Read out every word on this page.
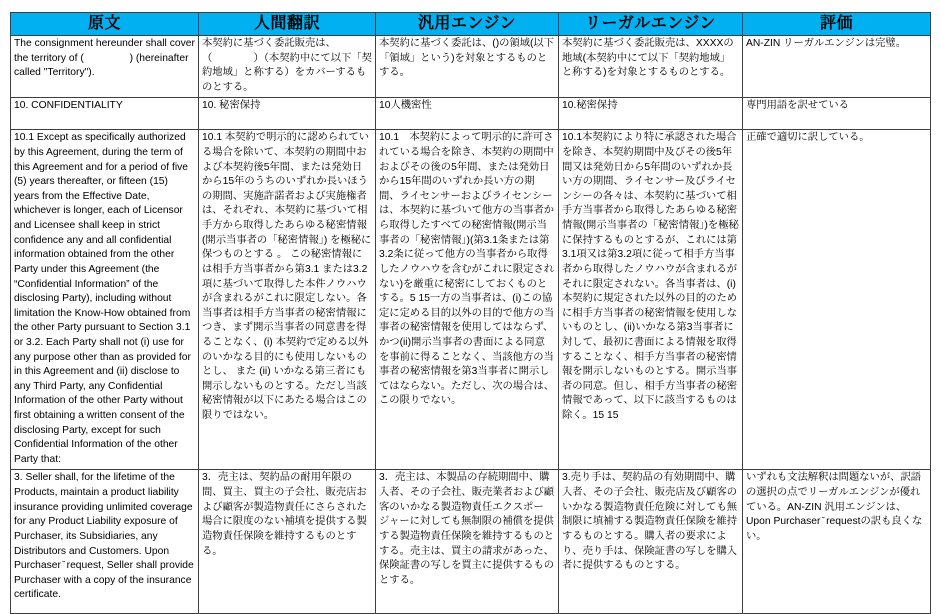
原文	人間翻訳	汎用エンジン	リーガルエンジン	評価
The consignment hereunder shall cover the territory of (                ) (hereinafter called "Territory").	本契約に基づく委託販売は、（　　　　）（本契約中にて以下「契約地域」と称する）をカバーするものとする。	本契約に基づく委託は、()の領域(以下「領域」という)を対象とするものとする。	本契約に基づく委託販売は、XXXXの地域(本契約中にて以下「契約地域」と称する)を対象とするものとする。	AN-ZIN リーガルエンジンは完璧。
10. CONFIDENTIALITY	10. 秘密保持	10人機密性	10.秘密保持	専門用語を訳せている
10.1 Except as specifically authorized by this Agreement, during the term of this Agreement and for a period of five (5) years thereafter, or fifteen (15) years from the Effective Date, whichever is longer, each of Licensor and Licensee shall keep in strict confidence any and all confidential information obtained from the other Party under this Agreement (the “Confidential Information” of the disclosing Party), including without limitation the Know-How obtained from the other Party pursuant to Section 3.1 or 3.2. Each Party shall not (i) use for any purpose other than as provided for in this Agreement and (ii) disclose to any Third Party, any Confidential Information of the other Party without first obtaining a written consent of the disclosing Party, except for such Confidential Information of the other Party that:	10.1 本契約で明示的に認められている場合を除いて、本契約の期間中および本契約後5年間、または発効日から15年のうちのいずれか長いほうの期間、実施許諾者および実施権者は、それぞれ、本契約に基づいて相手方から取得したあらゆる秘密情報 (開示当事者の「秘密情報」) を極秘に保つものとする 。 この秘密情報には相手方当事者から第3.1 または3.2項に基づいて取得した本件ノウハウが含まれるがこれに限定しない。各当事者は相手方当事者の秘密情報につき、まず開示当事者の同意書を得ることなく、(i) 本契約で定める以外のいかなる目的にも使用しないものとし、 また (ii) いかなる第三者にも開示しないものとする。ただし当該秘密情報が以下にあたる場合はこの限りではない。	10.1　本契約によって明示的に許可されている場合を除き、本契約の期間中およびその後の5年間、または発効日から15年間のいずれか長い方の期間、ライセンサーおよびライセンシーは、本契約に基づいて他方の当事者から取得したすべての秘密情報(開示当事者の「秘密情報」)(第3.1条または第3.2条に従って他方の当事者から取得したノウハウを含むがこれに限定されない)を厳重に秘密にしておくものとする。5 15一方の当事者は、(i)この協定に定める目的以外の目的で他方の当事者の秘密情報を使用してはならず、かつ(ii)開示当事者の書面による同意を事前に得ることなく、当該他方の当事者の秘密情報を第3当事者に開示してはならない。ただし、次の場合は、この限りでない。	10.1本契約により特に承認された場合を除き、本契約期間中及びその後5年間又は発効日から5年間のいずれか長い方の期間、ライセンサー及びライセンシーの各々は、本契約に基づいて相手方当事者から取得したあらゆる秘密情報(開示当事者の「秘密情報」)を極秘に保持するものとするが、これには第3.1項又は第3.2項に従って相手方当事者から取得したノウハウが含まれるがそれに限定されない。各当事者は、(i)本契約に規定された以外の目的のために相手方当事者の秘密情報を使用しないものとし、(ii)いかなる第3当事者に対して、最初に書面による情報を取得することなく、相手方当事者の秘密情報を開示しないものとする。開示当事者の同意。但し、相手方当事者の秘密情報であって、以下に該当するものは除く。15 15	正確で適切に訳している。
3. Seller shall, for the lifetime of the Products, maintain a product liability insurance providing unlimited coverage for any Product Liability exposure of Purchaser, its Subsidiaries, any Distributors and Customers. Upon Purchaser ̆ request, Seller shall provide Purchaser with a copy of the insurance certificate.	3．売主は、契約品の耐用年限の間、買主、買主の子会社、販売店および顧客が製造物責任にさらされた場合に限度のない補填を提供する製造物責任保険を維持するものとする。	3．売主は、本製品の存続期間中、購入者、その子会社、販売業者および顧客のいかなる製造物責任エクスポージャーに対しても無制限の補償を提供する製造物責任保険を維持するものとする。売主は、買主の請求があった、保険証書の写しを買主に提供するものとする。	3.売り手は、契約品の有効期間中、購入者、その子会社、販売店及び顧客のいかなる製造物責任危険に対しても無制限に填補する製造物責任保険を維持するものとする。購入者の要求により、売り手は、保険証書の写しを購入者に提供するものとする。	いずれも文法解釈は問題ないが、訳語の選択の点でリーガルエンジンが優れている。AN-ZIN 汎用エンジンは、Upon Purchaser ̆ requestの訳も良くない。
